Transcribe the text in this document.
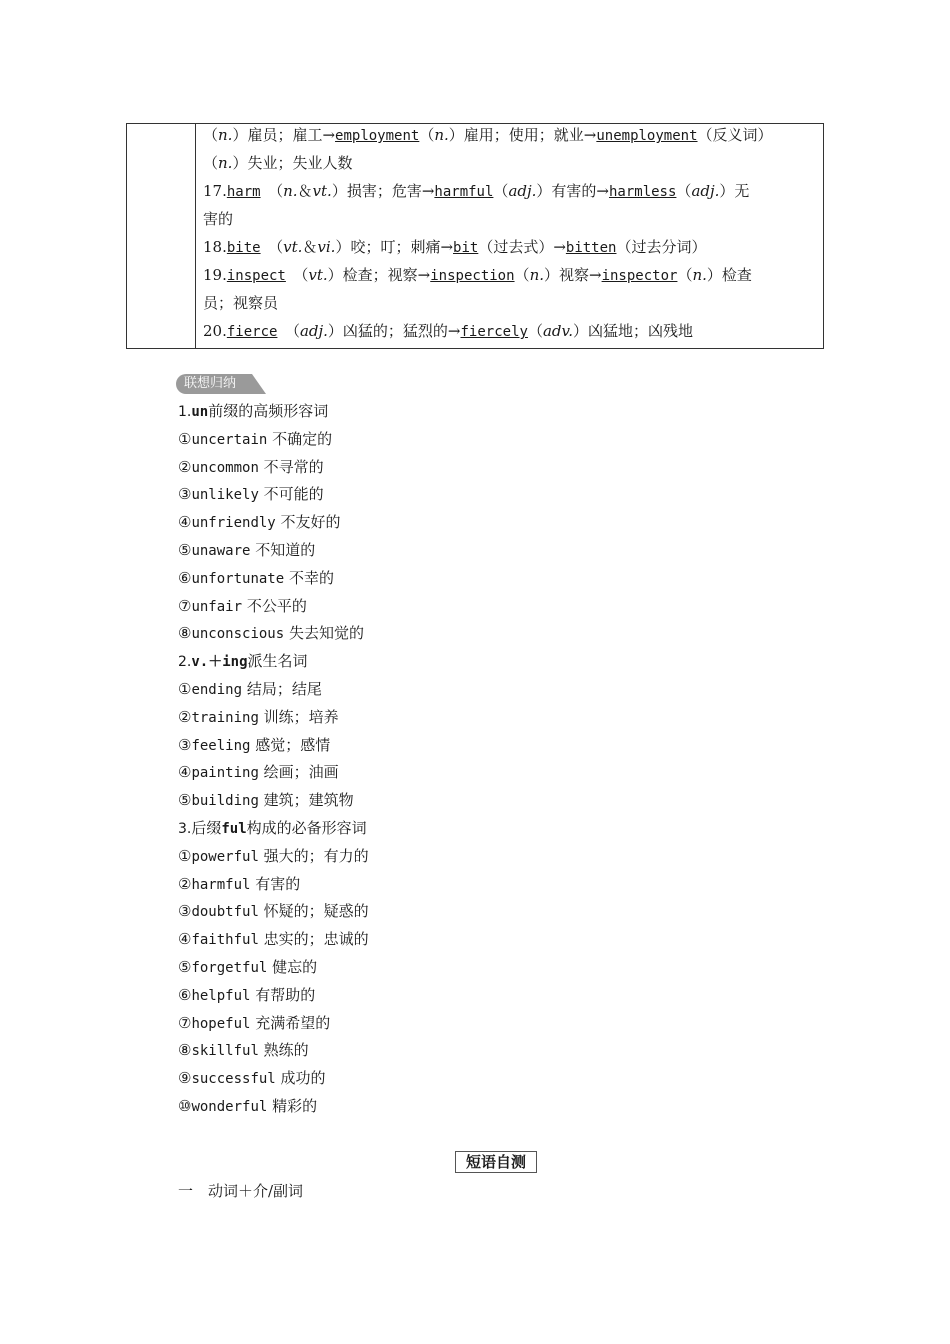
（n.）雇员；雇工→employment（n.）雇用；使用；就业→unemployment（反义词）
（n.）失业；失业人数
17.harm　（n.＆vt.）损害；危害→harmful（adj.）有害的→harmless（adj.）无
害的
18.bite　（vt.＆vi.）咬；叮；刺痛→bit（过去式）→bitten（过去分词）
19.inspect　（vt.）检查；视察→inspection（n.）视察→inspector（n.）检查
员；视察员
20.fierce　（adj.）凶猛的；猛烈的→fiercely（adv.）凶猛地；凶残地
联想归纳
1.un前缀的高频形容词
①uncertain 不确定的
②uncommon 不寻常的
③unlikely 不可能的
④unfriendly 不友好的
⑤unaware 不知道的
⑥unfortunate 不幸的
⑦unfair 不公平的
⑧unconscious 失去知觉的
2.v.＋ing派生名词
①ending 结局；结尾
②training 训练；培养
③feeling 感觉；感情
④painting 绘画；油画
⑤building 建筑；建筑物
3.后缀ful构成的必备形容词
①powerful 强大的；有力的
②harmful 有害的
③doubtful 怀疑的；疑惑的
④faithful 忠实的；忠诚的
⑤forgetful 健忘的
⑥helpful 有帮助的
⑦hopeful 充满希望的
⑧skillful 熟练的
⑨successful 成功的
⑩wonderful 精彩的
短语自测
一　动词＋介/副词
